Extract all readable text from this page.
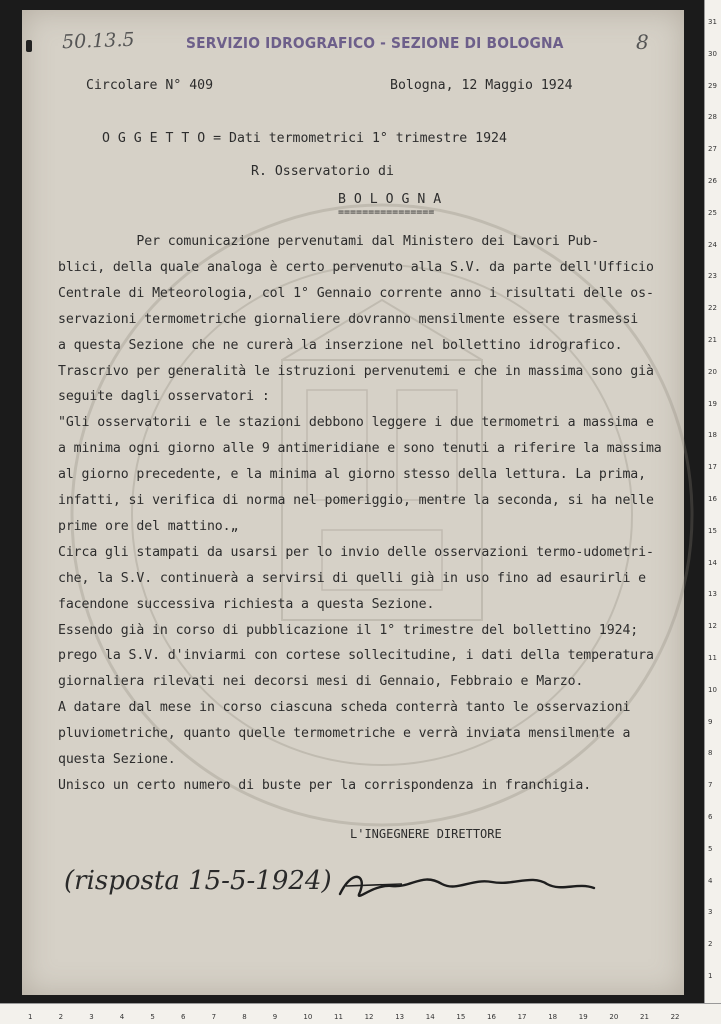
50.13.5	SERVIZIO IDROGRAFICO - SEZIONE DI BOLOGNA	8
Circolare N° 409	Bologna, 12 Maggio 1924
O G G E T T O = Dati termometrici 1° trimestre 1924
R. Osservatorio di
B O L O G N A
================
Per comunicazione pervenutami dal Ministero dei Lavori Pub-
blici, della quale analoga è certo pervenuto alla S.V. da parte dell'Ufficio
Centrale di Meteorologia, col 1° Gennaio corrente anno i risultati delle os-
servazioni termometriche giornaliere dovranno mensilmente essere trasmessi
a questa Sezione che ne curerà la inserzione nel bollettino idrografico.
Trascrivo per generalità le istruzioni pervenutemi e che in massima sono già
seguite dagli osservatori :
"Gli osservatorii e le stazioni debbono leggere i due termometri a massima e
a minima ogni giorno alle 9 antimeridiane e sono tenuti a riferire la massima
al giorno precedente, e la minima al giorno stesso della lettura. La prima,
infatti, si verifica di norma nel pomeriggio, mentre la seconda, si ha nelle
prime ore del mattino.„
Circa gli stampati da usarsi per lo invio delle osservazioni termo-udometri-
che, la S.V. continuerà a servirsi di quelli già in uso fino ad esaurirli e
facendone successiva richiesta a questa Sezione.
Essendo già in corso di pubblicazione il 1° trimestre del bollettino 1924;
prego la S.V. d'inviarmi con cortese sollecitudine, i dati della temperatura
giornaliera rilevati nei decorsi mesi di Gennaio, Febbraio e Marzo.
A datare dal mese in corso ciascuna scheda conterrà tanto le osservazioni
pluviometriche, quanto quelle termometriche e verrà inviata mensilmente a
questa Sezione.
Unisco un certo numero di buste per la corrispondenza in franchigia.
L'INGEGNERE DIRETTORE
(risposta 15-5-1924)
31
30
29
28
27
26
25
24
23
22
21
20
19
18
17
16
15
14
13
12
11
10
9
8
7
6
5
4
3
2
1
1	2	3	4	5	6	7	8	9	10	11	12	13	14	15	16	17	18	19	20	21	22
